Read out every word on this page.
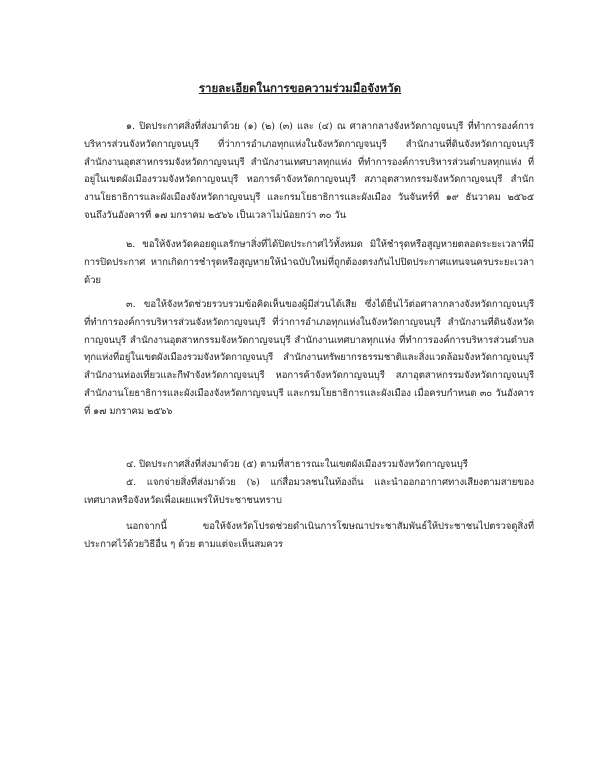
รายละเอียดในการขอความร่วมมือจังหวัด

๑. ปิดประกาศสิ่งที่ส่งมาด้วย (๑) (๒) (๓) และ (๔) ณ ศาลากลางจังหวัดกาญจนบุรี ที่ทำการองค์การบริหารส่วนจังหวัดกาญจนบุรี ที่ว่าการอำเภอทุกแห่งในจังหวัดกาญจนบุรี สำนักงานที่ดินจังหวัดกาญจนบุรี สำนักงานอุตสาหกรรมจังหวัดกาญจนบุรี สำนักงานเทศบาลทุกแห่ง ที่ทำการองค์การบริหารส่วนตำบลทุกแห่ง ที่อยู่ในเขตผังเมืองรวมจังหวัดกาญจนบุรี หอการค้าจังหวัดกาญจนบุรี สภาอุตสาหกรรมจังหวัดกาญจนบุรี สำนักงานโยธาธิการและผังเมืองจังหวัดกาญจนบุรี และกรมโยธาธิการและผังเมือง วันจันทร์ที่ ๑๙ ธันวาคม ๒๕๖๕ จนถึงวันอังคารที่ ๑๗ มกราคม ๒๕๖๖ เป็นเวลาไม่น้อยกว่า ๓๐ วัน

๒. ขอให้จังหวัดคอยดูแลรักษาสิ่งที่ได้ปิดประกาศไว้ทั้งหมด มิให้ชำรุดหรือสูญหายตลอดระยะเวลาที่มีการปิดประกาศ หากเกิดการชำรุดหรือสูญหายให้นำฉบับใหม่ที่ถูกต้องตรงกันไปปิดประกาศแทนจนครบระยะเวลาด้วย

๓. ขอให้จังหวัดช่วยรวบรวมข้อคิดเห็นของผู้มีส่วนได้เสีย ซึ่งได้ยื่นไว้ต่อศาลากลางจังหวัดกาญจนบุรี ที่ทำการองค์การบริหารส่วนจังหวัดกาญจนบุรี ที่ว่าการอำเภอทุกแห่งในจังหวัดกาญจนบุรี สำนักงานที่ดินจังหวัดกาญจนบุรี สำนักงานอุตสาหกรรมจังหวัดกาญจนบุรี สำนักงานเทศบาลทุกแห่ง ที่ทำการองค์การบริหารส่วนตำบลทุกแห่งที่อยู่ในเขตผังเมืองรวมจังหวัดกาญจนบุรี สำนักงานทรัพยากรธรรมชาติและสิ่งแวดล้อมจังหวัดกาญจนบุรี สำนักงานท่องเที่ยวและกีฬาจังหวัดกาญจนบุรี หอการค้าจังหวัดกาญจนบุรี สภาอุตสาหกรรมจังหวัดกาญจนบุรี สำนักงานโยธาธิการและผังเมืองจังหวัดกาญจนบุรี และกรมโยธาธิการและผังเมือง เมื่อครบกำหนด ๓๐ วันอังคารที่ ๑๗ มกราคม ๒๕๖๖

๔. ปิดประกาศสิ่งที่ส่งมาด้วย (๕) ตามที่สาธารณะในเขตผังเมืองรวมจังหวัดกาญจนบุรี

๕. แจกจ่ายสิ่งที่ส่งมาด้วย (๖) แก่สื่อมวลชนในท้องถิ่น และนำออกอากาศทางเสียงตามสายของเทศบาลหรือจังหวัดเพื่อเผยแพร่ให้ประชาชนทราบ

นอกจากนี้ ขอให้จังหวัดโปรดช่วยดำเนินการโฆษณาประชาสัมพันธ์ให้ประชาชนไปตรวจดูสิ่งที่ประกาศไว้ด้วยวิธีอื่น ๆ ด้วย ตามแต่จะเห็นสมควร
